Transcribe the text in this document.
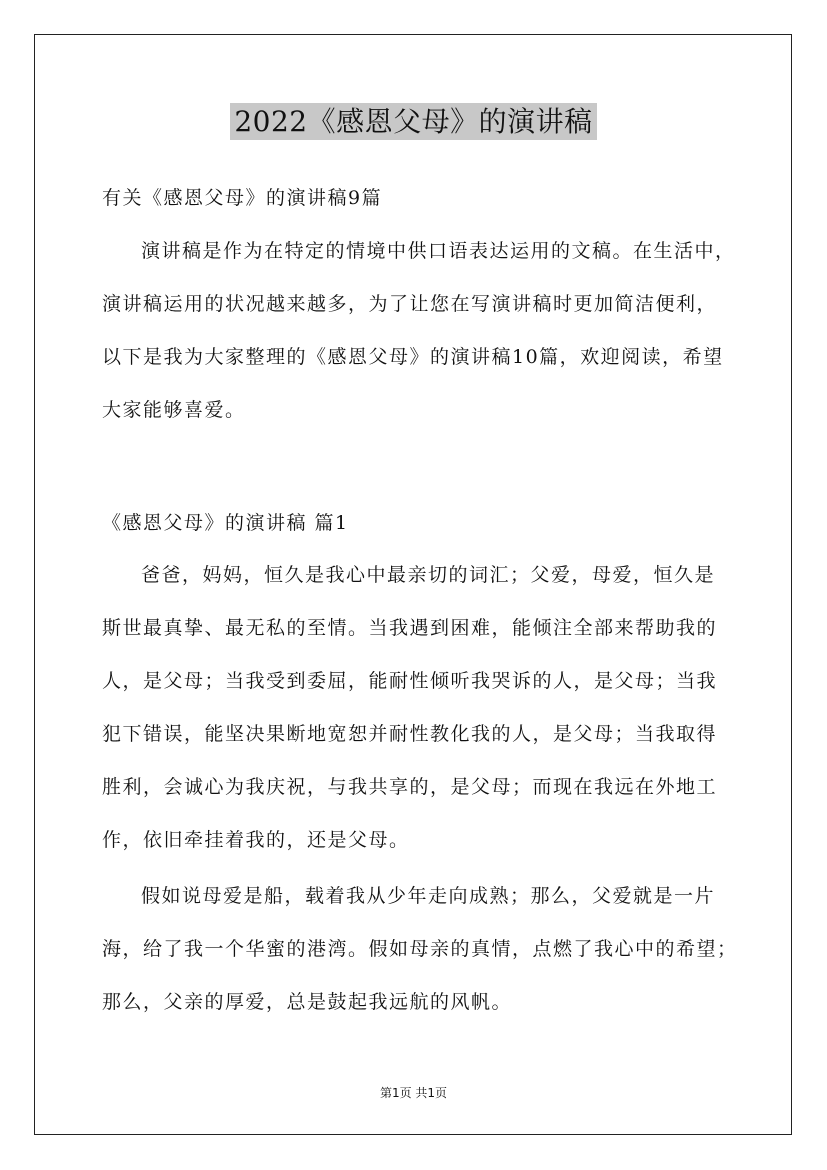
2022《感恩父母》的演讲稿
有关《感恩父母》的演讲稿9篇
演讲稿是作为在特定的情境中供口语表达运用的文稿。在生活中，
演讲稿运用的状况越来越多，为了让您在写演讲稿时更加简洁便利，
以下是我为大家整理的《感恩父母》的演讲稿10篇，欢迎阅读，希望
大家能够喜爱。
《感恩父母》的演讲稿 篇1
爸爸，妈妈，恒久是我心中最亲切的词汇；父爱，母爱，恒久是
斯世最真挚、最无私的至情。当我遇到困难，能倾注全部来帮助我的
人，是父母；当我受到委屈，能耐性倾听我哭诉的人，是父母；当我
犯下错误，能坚决果断地宽恕并耐性教化我的人，是父母；当我取得
胜利，会诚心为我庆祝，与我共享的，是父母；而现在我远在外地工
作，依旧牵挂着我的，还是父母。
假如说母爱是船，载着我从少年走向成熟；那么，父爱就是一片
海，给了我一个华蜜的港湾。假如母亲的真情，点燃了我心中的希望；
那么，父亲的厚爱，总是鼓起我远航的风帆。
第1页 共1页
